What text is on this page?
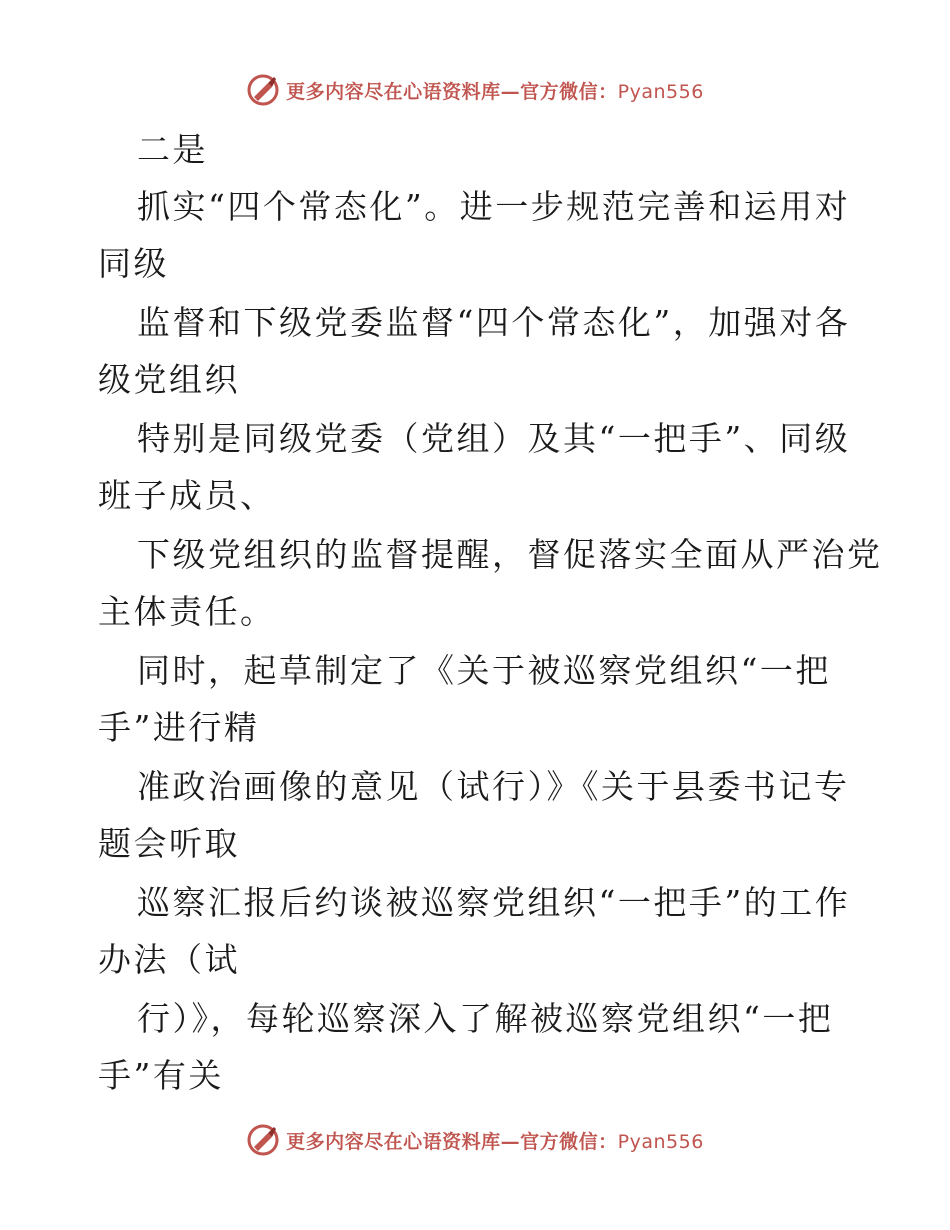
更多内容尽在心语资料库—官方微信：Pyan556
二是
抓实“四个常态化”。进一步规范完善和运用对
同级
监督和下级党委监督“四个常态化”，加强对各
级党组织
特别是同级党委（党组）及其“一把手”、同级
班子成员、
下级党组织的监督提醒，督促落实全面从严治党
主体责任。
同时，起草制定了《关于被巡察党组织“一把
手”进行精
准政治画像的意见（试行）》《关于县委书记专
题会听取
巡察汇报后约谈被巡察党组织“一把手”的工作
办法（试
行）》，每轮巡察深入了解被巡察党组织“一把
手”有关
更多内容尽在心语资料库—官方微信：Pyan556
